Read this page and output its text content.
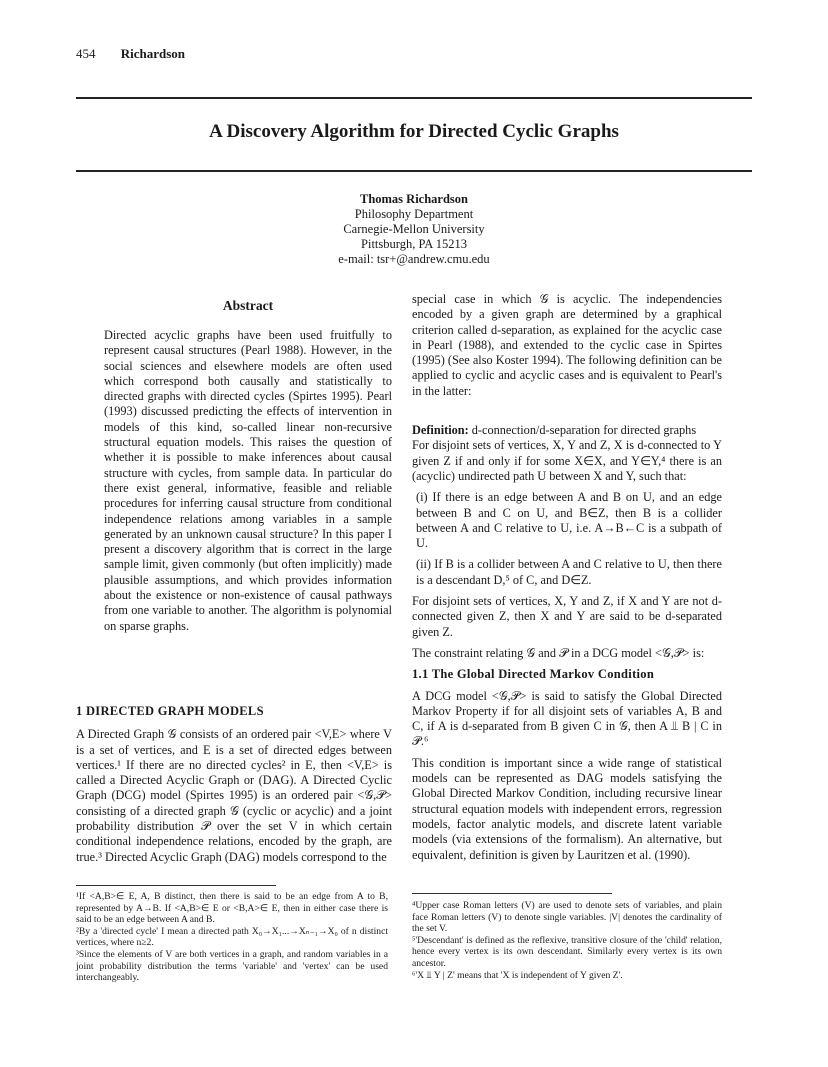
454 Richardson
A Discovery Algorithm for Directed Cyclic Graphs
Thomas Richardson
Philosophy Department
Carnegie-Mellon University
Pittsburgh, PA 15213
e-mail: tsr+@andrew.cmu.edu
Abstract

Directed acyclic graphs have been used fruitfully to represent causal structures (Pearl 1988). However, in the social sciences and elsewhere models are often used which correspond both causally and statistically to directed graphs with directed cycles (Spirtes 1995). Pearl (1993) discussed predicting the effects of intervention in models of this kind, so-called linear non-recursive structural equation models. This raises the question of whether it is possible to make inferences about causal structure with cycles, from sample data. In particular do there exist general, informative, feasible and reliable procedures for inferring causal structure from conditional independence relations among variables in a sample generated by an unknown causal structure? In this paper I present a discovery algorithm that is correct in the large sample limit, given commonly (but often implicitly) made plausible assumptions, and which provides information about the existence or non-existence of causal pathways from one variable to another. The algorithm is polynomial on sparse graphs.

1 DIRECTED GRAPH MODELS

A Directed Graph 𝒢 consists of an ordered pair <V,E> where V is a set of vertices, and E is a set of directed edges between vertices.¹ If there are no directed cycles² in E, then <V,E> is called a Directed Acyclic Graph or (DAG). A Directed Cyclic Graph (DCG) model (Spirtes 1995) is an ordered pair <𝒢,𝒫> consisting of a directed graph 𝒢 (cyclic or acyclic) and a joint probability distribution 𝒫 over the set V in which certain conditional independence relations, encoded by the graph, are true.³ Directed Acyclic Graph (DAG) models correspond to the

special case in which 𝒢 is acyclic. The independencies encoded by a given graph are determined by a graphical criterion called d-separation, as explained for the acyclic case in Pearl (1988), and extended to the cyclic case in Spirtes (1995) (See also Koster 1994). The following definition can be applied to cyclic and acyclic cases and is equivalent to Pearl's in the latter:

Definition: d-connection/d-separation for directed graphs

For disjoint sets of vertices, X, Y and Z, X is d-connected to Y given Z if and only if for some X∈X, and Y∈Y,⁴ there is an (acyclic) undirected path U between X and Y, such that:

(i) If there is an edge between A and B on U, and an edge between B and C on U, and B∈Z, then B is a collider between A and C relative to U, i.e. A→B←C is a subpath of U.

(ii) If B is a collider between A and C relative to U, then there is a descendant D,⁵ of C, and D∈Z.

For disjoint sets of vertices, X, Y and Z, if X and Y are not d-connected given Z, then X and Y are said to be d-separated given Z.

The constraint relating 𝒢 and 𝒫 in a DCG model <𝒢,𝒫> is:

1.1 The Global Directed Markov Condition

A DCG model <𝒢,𝒫> is said to satisfy the Global Directed Markov Property if for all disjoint sets of variables A, B and C, if A is d-separated from B given C in 𝒢, then A ⫫ B | C in 𝒫.⁶

This condition is important since a wide range of statistical models can be represented as DAG models satisfying the Global Directed Markov Condition, including recursive linear structural equation models with independent errors, regression models, factor analytic models, and discrete latent variable models (via extensions of the formalism). An alternative, but equivalent, definition is given by Lauritzen et al. (1990).

¹If <A,B>∈ E, A, B distinct, then there is said to be an edge from A to B, represented by A→B. If <A,B>∈ E or <B,A>∈ E, then in either case there is said to be an edge between A and B.
²By a 'directed cycle' I mean a directed path X₀→X₁...→Xₙ₋₁→X₀ of n distinct vertices, where n≥2.
³Since the elements of V are both vertices in a graph, and random variables in a joint probability distribution the terms 'variable' and 'vertex' can be used interchangeably.
⁴Upper case Roman letters (V) are used to denote sets of variables, and plain face Roman letters (V) to denote single variables. |V| denotes the cardinality of the set V.
⁵'Descendant' is defined as the reflexive, transitive closure of the 'child' relation, hence every vertex is its own descendant. Similarly every vertex is its own ancestor.
⁶'X ⫫ Y | Z' means that 'X is independent of Y given Z'.
